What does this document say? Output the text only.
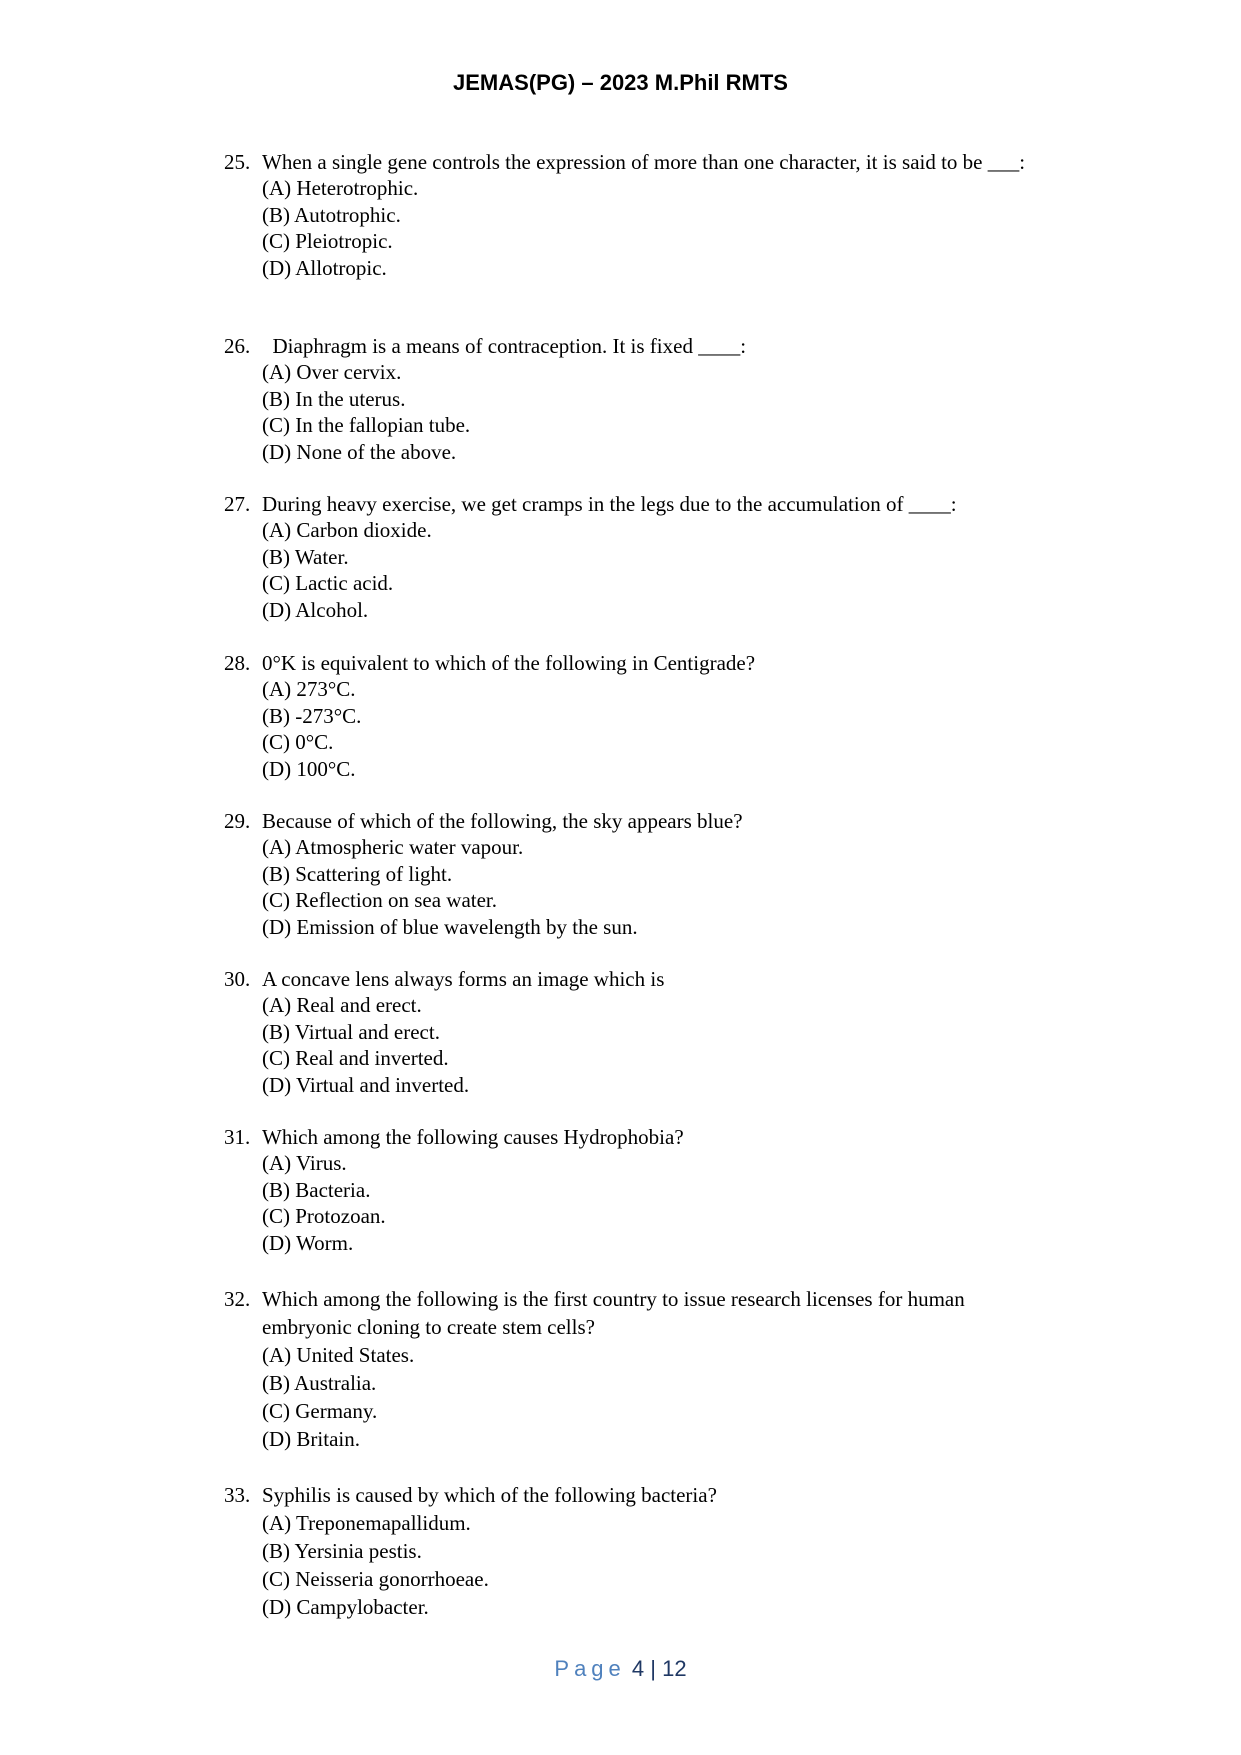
JEMAS(PG) – 2023 M.Phil RMTS
25. When a single gene controls the expression of more than one character, it is said to be ___:
(A) Heterotrophic.
(B) Autotrophic.
(C) Pleiotropic.
(D) Allotropic.
26. Diaphragm is a means of contraception. It is fixed ____:
(A) Over cervix.
(B) In the uterus.
(C) In the fallopian tube.
(D) None of the above.
27. During heavy exercise, we get cramps in the legs due to the accumulation of ____:
(A) Carbon dioxide.
(B) Water.
(C) Lactic acid.
(D) Alcohol.
28. 0°K is equivalent to which of the following in Centigrade?
(A) 273°C.
(B) -273°C.
(C) 0°C.
(D) 100°C.
29. Because of which of the following, the sky appears blue?
(A) Atmospheric water vapour.
(B) Scattering of light.
(C) Reflection on sea water.
(D) Emission of blue wavelength by the sun.
30. A concave lens always forms an image which is
(A) Real and erect.
(B) Virtual and erect.
(C) Real and inverted.
(D) Virtual and inverted.
31. Which among the following causes Hydrophobia?
(A) Virus.
(B) Bacteria.
(C) Protozoan.
(D) Worm.
32. Which among the following is the first country to issue research licenses for human embryonic cloning to create stem cells?
(A) United States.
(B) Australia.
(C) Germany.
(D) Britain.
33. Syphilis is caused by which of the following bacteria?
(A) Treponemapallidum.
(B) Yersinia pestis.
(C) Neisseria gonorrhoeae.
(D) Campylobacter.
Page 4 | 12
